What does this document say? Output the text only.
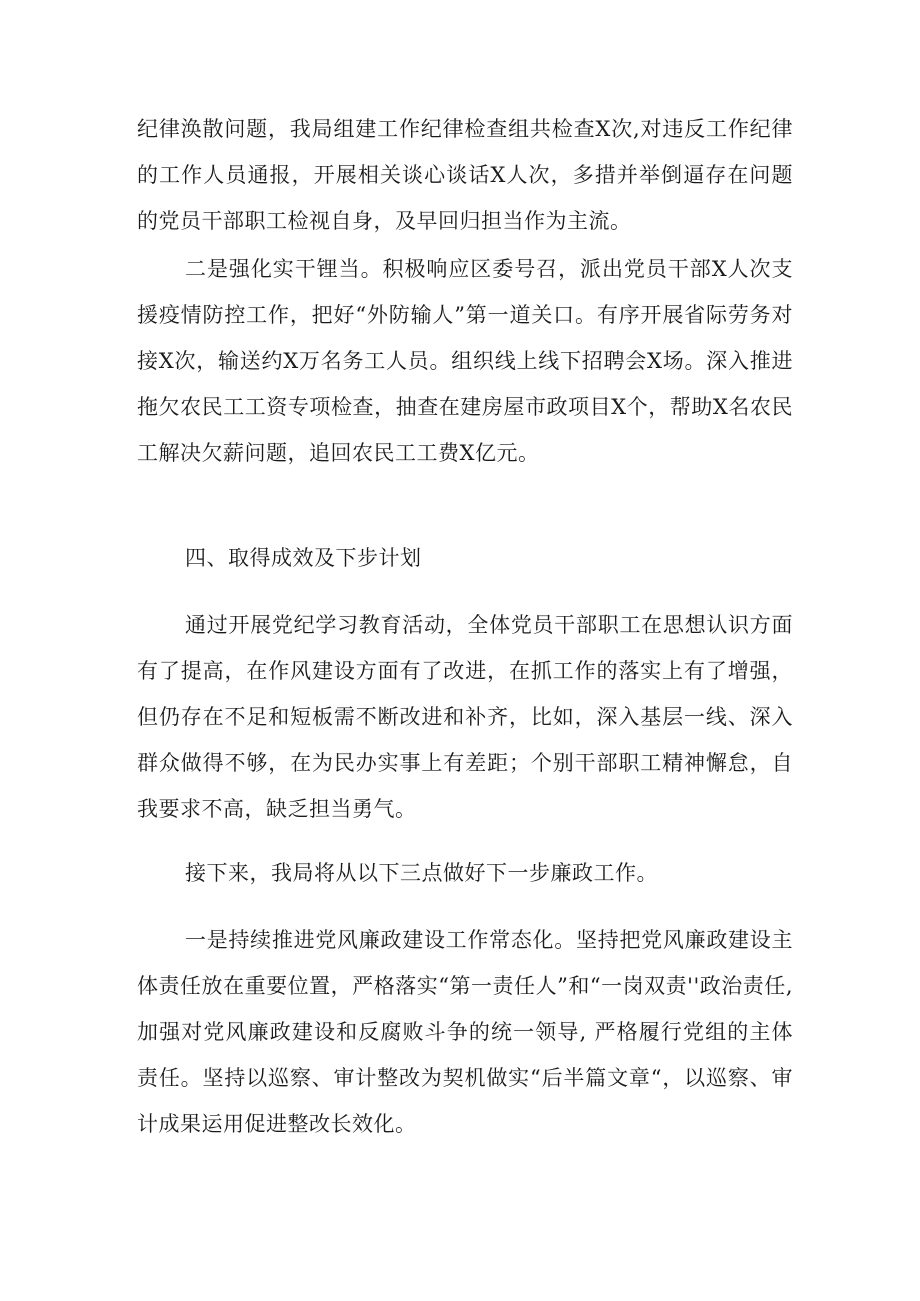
纪律涣散问题，我局组建工作纪律检查组共检查X次,对违反工作纪律的工作人员通报，开展相关谈心谈话X人次，多措并举倒逼存在问题的党员干部职工检视自身，及早回归担当作为主流。

二是强化实干锂当。积极响应区委号召，派出党员干部X人次支援疫情防控工作，把好“外防输人”第一道关口。有序开展省际劳务对接X次，输送约X万名务工人员。组织线上线下招聘会X场。深入推进拖欠农民工工资专项检查，抽查在建房屋市政项目X个，帮助X名农民工解决欠薪问题，追回农民工工费X亿元。

四、取得成效及下步计划

通过开展党纪学习教育活动，全体党员干部职工在思想认识方面有了提高，在作风建设方面有了改进，在抓工作的落实上有了增强，但仍存在不足和短板需不断改进和补齐，比如，深入基层一线、深入群众做得不够，在为民办实事上有差距；个别干部职工精神懈怠，自我要求不高，缺乏担当勇气。

接下来，我局将从以下三点做好下一步廉政工作。

一是持续推进党风廉政建设工作常态化。坚持把党风廉政建设主体责任放在重要位置，严格落实“第一责任人”和“一岗双责''政治责任, 加强对党风廉政建设和反腐败斗争的统一领导, 严格履行党组的主体责任。坚持以巡察、审计整改为契机做实“后半篇文章“，以巡察、审计成果运用促进整改长效化。
